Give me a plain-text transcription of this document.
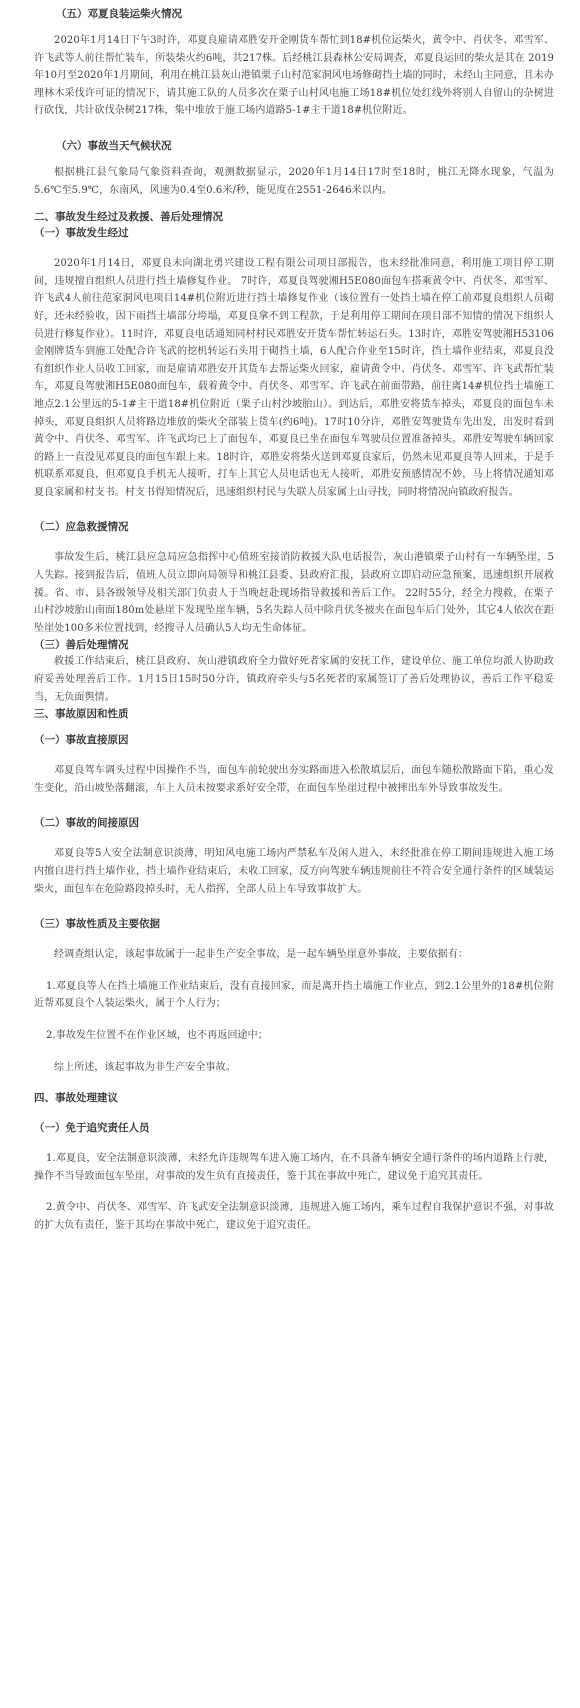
（五）邓夏良装运柴火情况

2020年1月14日下午3时许，邓夏良雇请邓胜安开金刚货车帮忙到18#机位运柴火，黄令中、肖伏冬、邓雪军、许飞武等人前往帮忙装车，所装柴火约6吨，共217株。后经桃江县森林公安局调查，邓夏良运回的柴火是其在 2019年10月至2020年1月期间，利用在桃江县灰山港镇栗子山村范家洞风电场修砌挡土墙的同时，未经山主同意，且未办理林木采伐许可证的情况下，请其施工队的人员多次在栗子山村风电施工场18#机位处红线外将别人自留山的杂树进行砍伐，共计砍伐杂树217株，集中堆放于施工场内道路5-1#主干道18#机位附近。

（六）事故当天气候状况

根据桃江县气象局气象资料查询，观测数据显示，2020年1月14日17时至18时，桃江无降水现象，气温为5.6℃至5.9℃，东南风，风速为0.4至0.6米/秒，能见度在2551-2646米以内。

二、事故发生经过及救援、善后处理情况

（一）事故发生经过

2020年1月14日，邓夏良未向湖北勇兴建设工程有限公司项目部报告，也未经批准同意，利用施工项目停工期间，违规擅自组织人员进行挡土墙修复作业。 7时许，邓夏良驾驶湘H5E080面包车搭乘黄令中、肖伏冬、邓雪军、许飞武4人前往范家洞风电项目14#机位附近进行挡土墙修复作业（该位置有一处挡土墙在停工前邓夏良组织人员砌好，还未经验收，因下雨挡土墙部分垮塌，邓夏良拿不到工程款，于是利用停工期间在项目部不知情的情况下组织人员进行修复作业）。11时许，邓夏良电话通知同村村民邓胜安开货车帮忙转运石头。13时许，邓胜安驾驶湘H53106金刚牌货车到施工处配合许飞武的挖机转运石头用于砌挡土墙，6人配合作业至15时许，挡土墙作业结束，邓夏良没有组织作业人员收工回家，而是雇请邓胜安开其货车去帮运柴火回家，雇请黄令中、肖伏冬、邓雪军、许飞武帮忙装车，邓夏良驾驶湘H5E080面包车，载着黄令中、肖伏冬、邓雪军、许飞武在前面带路，前往离14#机位挡土墙施工地点2.1公里远的5-1#主干道18#机位附近（栗子山村沙坡胎山）。到达后，邓胜安将货车掉头，邓夏良的面包车未掉头，邓夏良组织人员将路边堆放的柴火全部装上货车(约6吨)。17时10分许，邓胜安驾驶货车先出发，出发时看到黄令中、肖伏冬、邓雪军、许飞武均已上了面包车，邓夏良已坐在面包车驾驶员位置准备掉头。邓胜安驾驶车辆回家的路上一直没见邓夏良的面包车跟上来。18时许，邓胜安将柴火送到邓夏良家后，仍然未见邓夏良等人回来，于是手机联系邓夏良，但邓夏良手机无人接听，打车上其它人员电话也无人接听，邓胜安预感情况不妙，马上将情况通知邓夏良家属和村支书。村支书得知情况后，迅速组织村民与失联人员家属上山寻找，同时将情况向镇政府报告。

（二）应急救援情况

事故发生后，桃江县应急局应急指挥中心值班室接消防救援大队电话报告，灰山港镇栗子山村有一车辆坠崖，5人失踪。接到报告后，值班人员立即向局领导和桃江县委、县政府汇报，县政府立即启动应急预案，迅速组织开展救援。省、市、县各级领导及相关部门负责人于当晚赶赴现场指导救援和善后工作。 22时55分，经全力搜救，在栗子山村沙坡胎山南面180m处悬崖下发现坠崖车辆，5名失踪人员中除肖伏冬被夹在面包车后门处外，其它4人依次在距坠崖处100多米位置找到，经搜寻人员确认5人均无生命体征。

（三）善后处理情况

救援工作结束后，桃江县政府、灰山港镇政府全力做好死者家属的安抚工作，建设单位、施工单位均派人协助政府妥善处理善后工作。1月15日15时50分许，镇政府牵头与5名死者的家属签订了善后处理协议，善后工作平稳妥当，无负面舆情。

三、事故原因和性质

（一）事故直接原因

邓夏良驾车调头过程中因操作不当，面包车前轮驶出夯实路面进入松散填层后，面包车随松散路面下陷，重心发生变化，沿山坡坠落翻滚，车上人员未按要求系好安全带，在面包车坠崖过程中被摔出车外导致事故发生。

（二）事故的间接原因

邓夏良等5人安全法制意识淡薄，明知风电施工场内严禁私车及闲人进入，未经批准在停工期间违规进入施工场内擅自进行挡土墙作业，挡土墙作业结束后，未收工回家，反方向驾驶车辆违规前往不符合安全通行条件的区域装运柴火，面包车在危险路段掉头时，无人指挥，全部人员上车导致事故扩大。

（三）事故性质及主要依据

经调查组认定，该起事故属于一起非生产安全事故，是一起车辆坠崖意外事故，主要依据有：

1.邓夏良等人在挡土墙施工作业结束后，没有直接回家，而是离开挡土墙施工作业点，到2.1公里外的18#机位附近帮邓夏良个人装运柴火，属于个人行为；

2.事故发生位置不在作业区域，也不再返回途中；

综上所述，该起事故为非生产安全事故。

四、事故处理建议

（一）免于追究责任人员

1.邓夏良，安全法制意识淡薄，未经允许违规驾车进入施工场内，在不具备车辆安全通行条件的场内道路上行驶， 操作不当导致面包车坠崖，对事故的发生负有直接责任，鉴于其在事故中死亡，建议免于追究其责任。

2.黄令中、肖伏冬、邓雪军、许飞武安全法制意识淡薄，违规进入施工场内，乘车过程自我保护意识不强，对事故的扩大负有责任，鉴于其均在事故中死亡，建议免于追究责任。
